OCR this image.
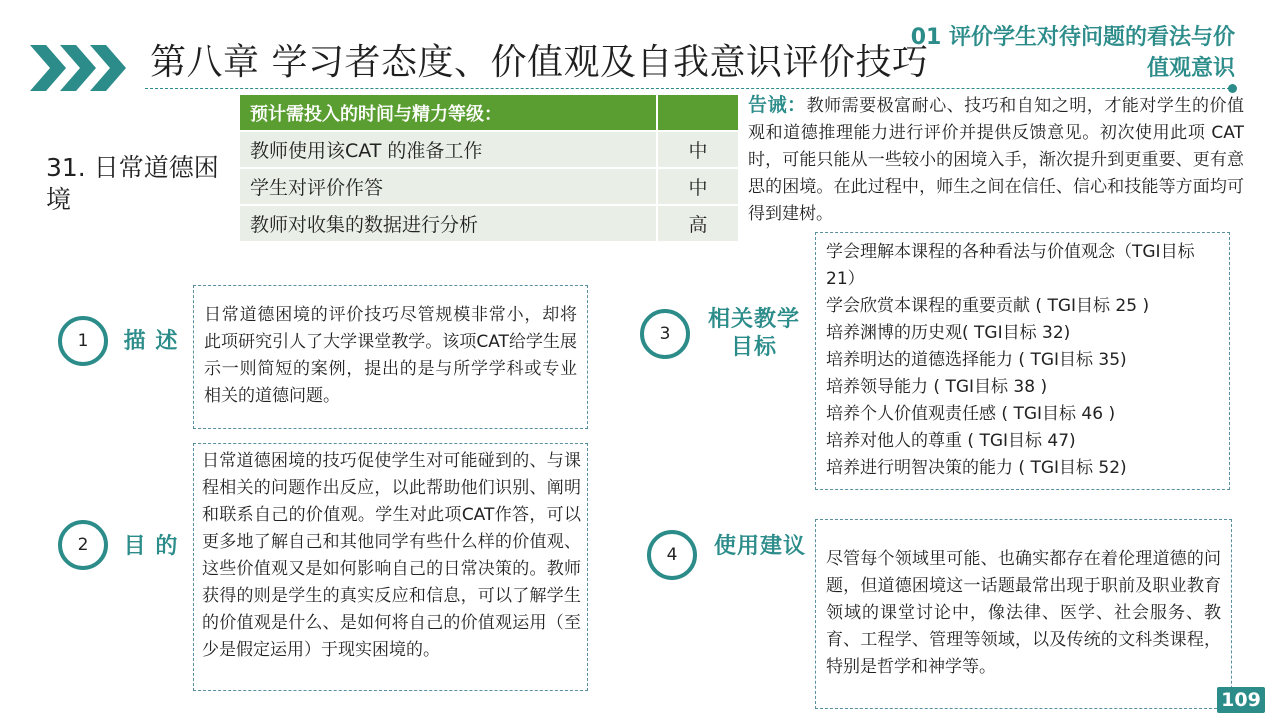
第八章 学习者态度、价值观及自我意识评价技巧
01 评价学生对待问题的看法与价值观意识
31. 日常道德困境
预计需投入的时间与精力等级：	
教师使用该CAT 的准备工作	中
学生对评价作答	中
教师对收集的数据进行分析	高
告诫：教师需要极富耐心、技巧和自知之明，才能对学生的价值观和道德推理能力进行评价并提供反馈意见。初次使用此项 CAT 时，可能只能从一些较小的困境入手，渐次提升到更重要、更有意思的困境。在此过程中，师生之间在信任、信心和技能等方面均可得到建树。
1	描 述
日常道德困境的评价技巧尽管规模非常小，却将此项研究引人了大学课堂教学。该项CAT给学生展示一则简短的案例，提出的是与所学学科或专业相关的道德问题。
2	目 的
日常道德困境的技巧促使学生对可能碰到的、与课程相关的问题作出反应，以此帮助他们识别、阐明和联系自己的价值观。学生对此项CAT作答，可以更多地了解自己和其他同学有些什么样的价值观、这些价值观又是如何影响自己的日常决策的。教师获得的则是学生的真实反应和信息，可以了解学生的价值观是什么、是如何将自己的价值观运用（至少是假定运用）于现实困境的。
3
相关教学目标
学会理解本课程的各种看法与价值观念（TGI目标 21）
学会欣赏本课程的重要贡献 ( TGI目标 25 )
培养渊博的历史观( TGI目标 32)
培养明达的道德选择能力 ( TGI目标 35)
培养领导能力 ( TGI目标 38 )
培养个人价值观责任感 ( TGI目标 46 )
培养对他人的尊重 ( TGI目标 47)
培养进行明智决策的能力 ( TGI目标 52)
4	使用建议	尽管每个领域里可能、也确实都存在着伦理道德的问题，但道德困境这一话题最常出现于职前及职业教育领域的课堂讨论中，像法律、医学、社会服务、教育、工程学、管理等领域，以及传统的文科类课程，特别是哲学和神学等。
109
